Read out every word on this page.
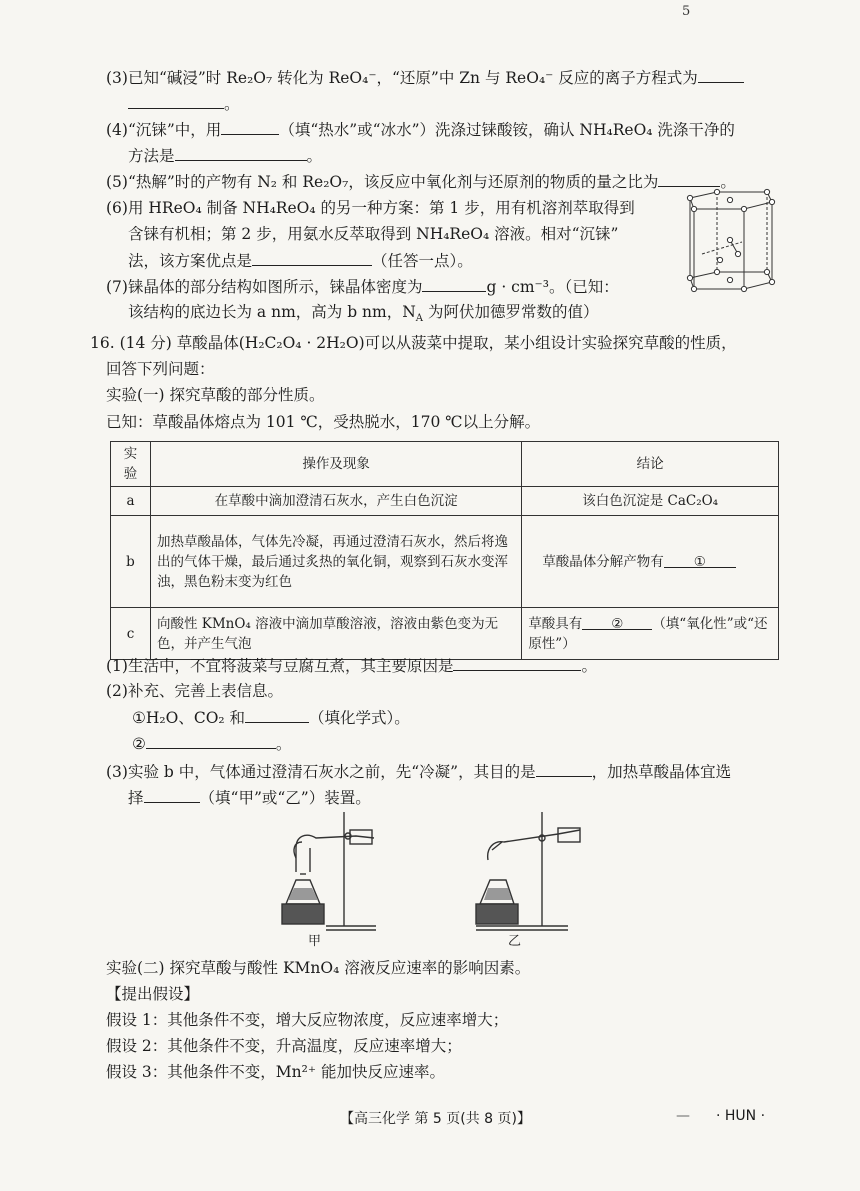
5
(3)已知“碱浸”时 Re₂O₇ 转化为 ReO₄⁻，“还原”中 Zn 与 ReO₄⁻ 反应的离子方程式为
。
(4)“沉铼”中，用	（填“热水”或“冰水”）洗涤过铼酸铵，确认 NH₄ReO₄ 洗涤干净的
方法是	。
(5)“热解”时的产物有 N₂ 和 Re₂O₇，该反应中氧化剂与还原剂的物质的量之比为	。
(6)用 HReO₄ 制备 NH₄ReO₄ 的另一种方案：第 1 步，用有机溶剂萃取得到
含铼有机相；第 2 步，用氨水反萃取得到 NH₄ReO₄ 溶液。相对“沉铼”
法，该方案优点是	（任答一点）。
(7)铼晶体的部分结构如图所示，铼晶体密度为	g · cm⁻³。（已知：
该结构的底边长为 a nm，高为 b nm，$N_A$ 为阿伏加德罗常数的值）
16. (14 分) 草酸晶体(H₂C₂O₄ · 2H₂O)可以从菠菜中提取，某小组设计实验探究草酸的性质，
回答下列问题：
实验(一) 探究草酸的部分性质。
已知：草酸晶体熔点为 101 ℃，受热脱水，170 ℃以上分解。
实验	操作及现象	结论
a	在草酸中滴加澄清石灰水，产生白色沉淀	该白色沉淀是 CaC₂O₄
b	加热草酸晶体，气体先冷凝，再通过澄清石灰水，然后将逸出的气体干燥，最后通过炙热的氧化铜，观察到石灰水变浑浊，黑色粉末变为红色	草酸晶体分解产物有 ①
c	向酸性 KMnO₄ 溶液中滴加草酸溶液，溶液由紫色变为无色，并产生气泡	草酸具有 ② （填“氧化性”或“还原性”）
(1)生活中，不宜将菠菜与豆腐互煮，其主要原因是	。
(2)补充、完善上表信息。
①H₂O、CO₂ 和	（填化学式）。
②	。
(3)实验 b 中，气体通过澄清石灰水之前，先“冷凝”，其目的是	，加热草酸晶体宜选
择	（填“甲”或“乙”）装置。
甲	乙
实验(二) 探究草酸与酸性 KMnO₄ 溶液反应速率的影响因素。
【提出假设】
假设 1：其他条件不变，增大反应物浓度，反应速率增大；
假设 2：其他条件不变，升高温度，反应速率增大；
假设 3：其他条件不变，Mn²⁺ 能加快反应速率。
【高三化学 第 5 页(共 8 页)】	— · HUN ·
